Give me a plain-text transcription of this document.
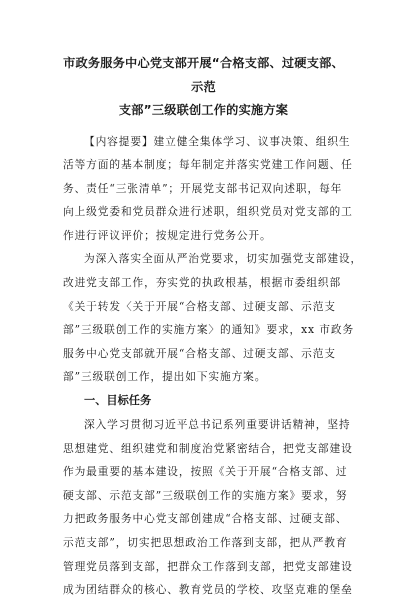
市政务服务中心党支部开展“合格支部、过硬支部、示范
支部”三级联创工作的实施方案
【内容提要】建立健全集体学习、议事决策、组织生
活等方面的基本制度；每年制定并落实党建工作问题、任
务、责任“三张清单”；开展党支部书记双向述职，每年
向上级党委和党员群众进行述职，组织党员对党支部的工
作进行评议评价；按规定进行党务公开。
为深入落实全面从严治党要求，切实加强党支部建设，
改进党支部工作，夯实党的执政根基，根据市委组织部
《关于转发〈关于开展“合格支部、过硬支部、示范支
部”三级联创工作的实施方案〉的通知》要求，xx 市政务
服务中心党支部就开展“合格支部、过硬支部、示范支
部”三级联创工作，提出如下实施方案。
一、目标任务
深入学习贯彻习近平总书记系列重要讲话精神，坚持
思想建党、组织建党和制度治党紧密结合，把党支部建设
作为最重要的基本建设，按照《关于开展“合格支部、过
硬支部、示范支部”三级联创工作的实施方案》要求，努
力把政务服务中心党支部创建成“合格支部、过硬支部、
示范支部”，切实把思想政治工作落到支部，把从严教育
管理党员落到支部，把群众工作落到支部，把党支部建设
成为团结群众的核心、教育党员的学校、攻坚克难的堡垒
